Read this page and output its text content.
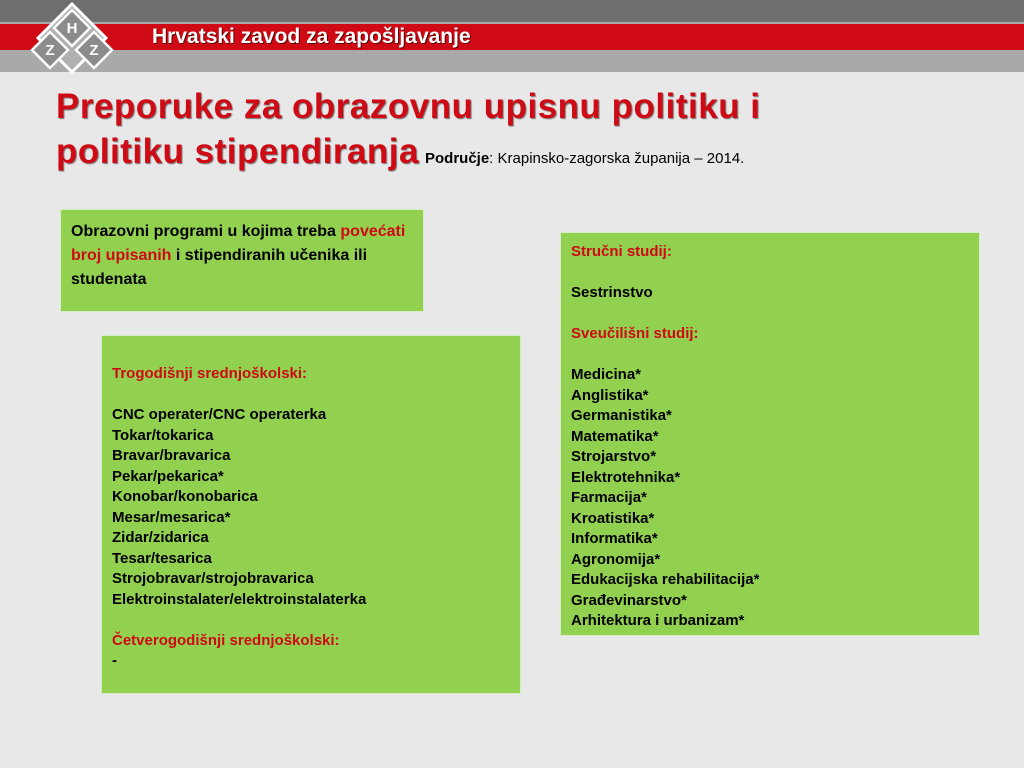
H
Z Z
Hrvatski zavod za zapošljavanje
Preporuke za obrazovnu upisnu politiku i
politiku stipendiranja Područje: Krapinsko-zagorska županija – 2014.
Obrazovni programi u kojima treba povećati broj upisanih i stipendiranih učenika ili studenata
Trogodišnji srednjoškolski:
CNC operater/CNC operaterka
Tokar/tokarica
Bravar/bravarica
Pekar/pekarica*
Konobar/konobarica
Mesar/mesarica*
Zidar/zidarica
Tesar/tesarica
Strojobravar/strojobravarica
Elektroinstalater/elektroinstalaterka
Četverogodišnji srednjoškolski:
-
Stručni studij:
Sestrinstvo
Sveučilišni studij:
Medicina*
Anglistika*
Germanistika*
Matematika*
Strojarstvo*
Elektrotehnika*
Farmacija*
Kroatistika*
Informatika*
Agronomija*
Edukacijska rehabilitacija*
Građevinarstvo*
Arhitektura i urbanizam*
